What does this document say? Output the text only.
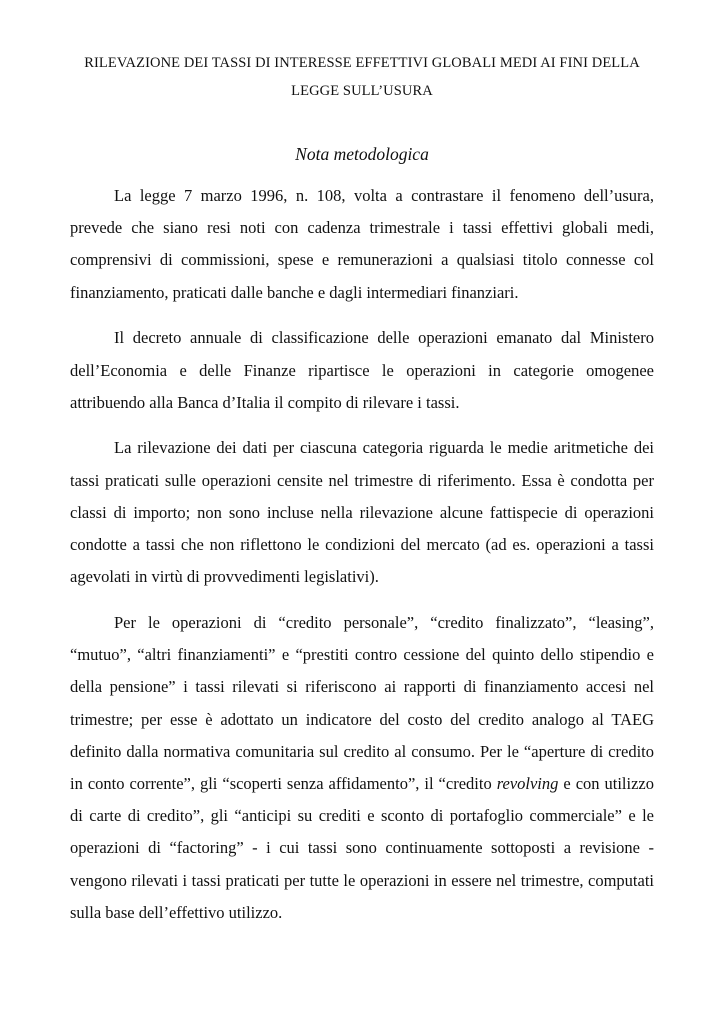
RILEVAZIONE DEI TASSI DI INTERESSE EFFETTIVI GLOBALI MEDI AI FINI DELLA LEGGE SULL’USURA
Nota metodologica

La legge 7 marzo 1996, n. 108, volta a contrastare il fenomeno dell’usura, prevede che siano resi noti con cadenza trimestrale i tassi effettivi globali medi, comprensivi di commissioni, spese e remunerazioni a qualsiasi titolo connesse col finanziamento, praticati dalle banche e dagli intermediari finanziari.

Il decreto annuale di classificazione delle operazioni emanato dal Ministero dell’Economia e delle Finanze ripartisce le operazioni in categorie omogenee attribuendo alla Banca d’Italia il compito di rilevare i tassi.

La rilevazione dei dati per ciascuna categoria riguarda le medie aritmetiche dei tassi praticati sulle operazioni censite nel trimestre di riferimento. Essa è condotta per classi di importo; non sono incluse nella rilevazione alcune fattispecie di operazioni condotte a tassi che non riflettono le condizioni del mercato (ad es. operazioni a tassi agevolati in virtù di provvedimenti legislativi).

Per le operazioni di “credito personale”, “credito finalizzato”, “leasing”, “mutuo”, “altri finanziamenti” e “prestiti contro cessione del quinto dello stipendio e della pensione” i tassi rilevati si riferiscono ai rapporti di finanziamento accesi nel trimestre; per esse è adottato un indicatore del costo del credito analogo al TAEG definito dalla normativa comunitaria sul credito al consumo. Per le “aperture di credito in conto corrente”, gli “scoperti senza affidamento”, il “credito revolving e con utilizzo di carte di credito”, gli “anticipi su crediti e sconto di portafoglio commerciale” e le operazioni di “factoring” - i cui tassi sono continuamente sottoposti a revisione - vengono rilevati i tassi praticati per tutte le operazioni in essere nel trimestre, computati sulla base dell’effettivo utilizzo.
